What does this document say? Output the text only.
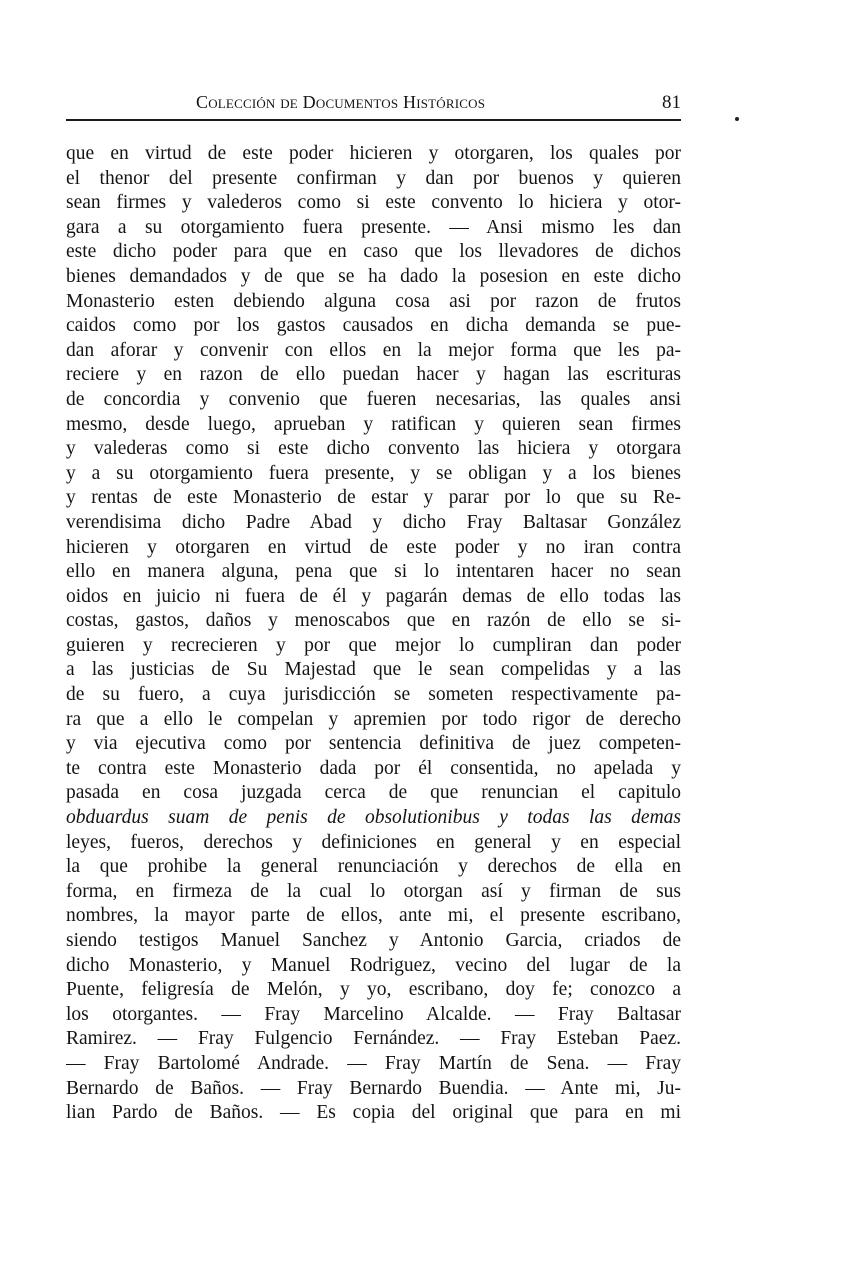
Colección de Documentos Históricos	81
que en virtud de este poder hicieren y otorgaren, los quales por
el thenor del presente confirman y dan por buenos y quieren
sean firmes y valederos como si este convento lo hiciera y otor-
gara a su otorgamiento fuera presente. — Ansi mismo les dan
este dicho poder para que en caso que los llevadores de dichos
bienes demandados y de que se ha dado la posesion en este dicho
Monasterio esten debiendo alguna cosa asi por razon de frutos
caidos como por los gastos causados en dicha demanda se pue-
dan aforar y convenir con ellos en la mejor forma que les pa-
reciere y en razon de ello puedan hacer y hagan las escrituras
de concordia y convenio que fueren necesarias, las quales ansi
mesmo, desde luego, aprueban y ratifican y quieren sean firmes
y valederas como si este dicho convento las hiciera y otorgara
y a su otorgamiento fuera presente, y se obligan y a los bienes
y rentas de este Monasterio de estar y parar por lo que su Re-
verendisima dicho Padre Abad y dicho Fray Baltasar González
hicieren y otorgaren en virtud de este poder y no iran contra
ello en manera alguna, pena que si lo intentaren hacer no sean
oidos en juicio ni fuera de él y pagarán demas de ello todas las
costas, gastos, daños y menoscabos que en razón de ello se si-
guieren y recrecieren y por que mejor lo cumpliran dan poder
a las justicias de Su Majestad que le sean compelidas y a las
de su fuero, a cuya jurisdicción se someten respectivamente pa-
ra que a ello le compelan y apremien por todo rigor de derecho
y via ejecutiva como por sentencia definitiva de juez competen-
te contra este Monasterio dada por él consentida, no apelada y
pasada en cosa juzgada cerca de que renuncian el capitulo
obduardus suam de penis de obsolutionibus y todas las demas
leyes, fueros, derechos y definiciones en general y en especial
la que prohibe la general renunciación y derechos de ella en
forma, en firmeza de la cual lo otorgan así y firman de sus
nombres, la mayor parte de ellos, ante mi, el presente escribano,
siendo testigos Manuel Sanchez y Antonio Garcia, criados de
dicho Monasterio, y Manuel Rodriguez, vecino del lugar de la
Puente, feligresía de Melón, y yo, escribano, doy fe; conozco a
los otorgantes. — Fray Marcelino Alcalde. — Fray Baltasar
Ramirez. — Fray Fulgencio Fernández. — Fray Esteban Paez.
— Fray Bartolomé Andrade. — Fray Martín de Sena. — Fray
Bernardo de Baños. — Fray Bernardo Buendia. — Ante mi, Ju-
lian Pardo de Baños. — Es copia del original que para en mi
